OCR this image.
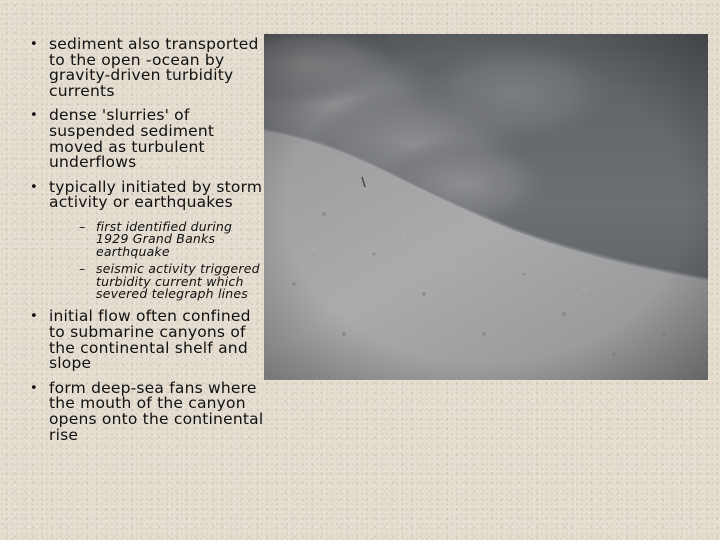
• sediment also transported to the open -ocean by gravity-driven turbidity currents
• dense 'slurries' of suspended sediment moved as turbulent underflows
• typically initiated by storm activity or earthquakes
– first identified during 1929 Grand Banks earthquake
– seismic activity triggered turbidity current which severed telegraph lines
• initial flow often confined to submarine canyons of the continental shelf and slope
• form deep-sea fans where the mouth of the canyon opens onto the continental rise
